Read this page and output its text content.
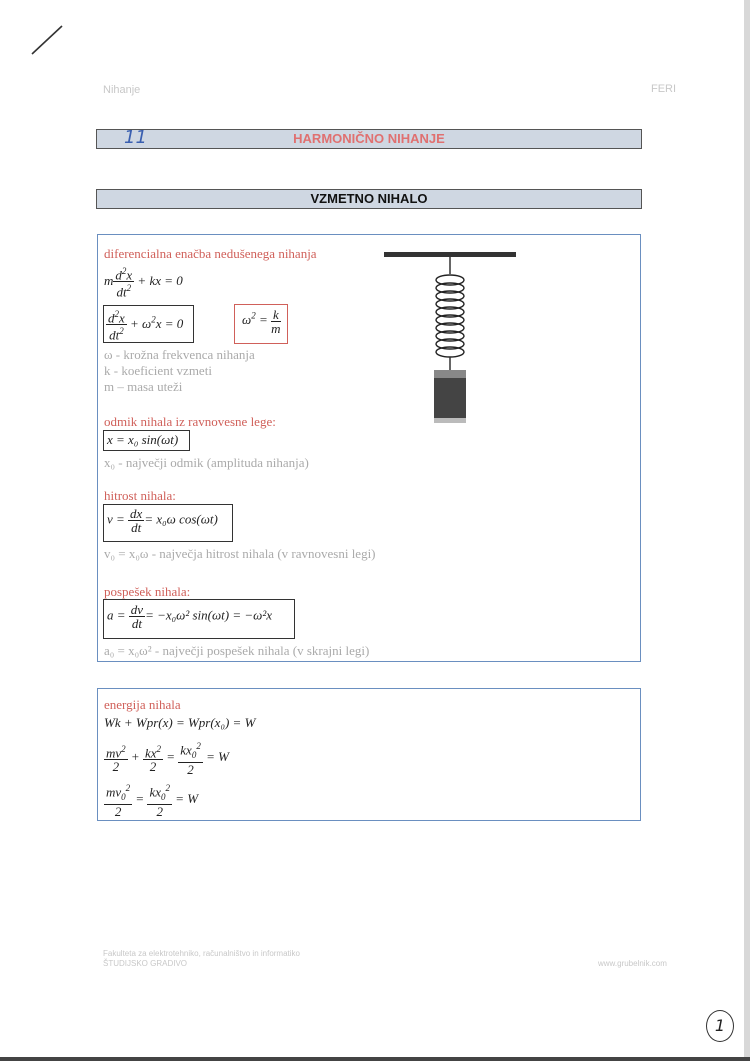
Nihanje	FERI
HARMONIČNO NIHANJE
11
VZMETNO NIHALO
diferencialna enačba nedušenega nihanja
m $\frac{d^2x}{dt^2}$ + kx = 0
$\frac{d^2x}{dt^2} + \omega^2x = 0$	$\omega^2 = \frac{k}{m}$
ω - krožna frekvenca nihanja
k - koeficient vzmeti
m – masa uteži
odmik nihala iz ravnovesne lege:
x = x₀ sin(ωt)
x₀ - največji odmik (amplituda nihanja)
hitrost nihala:
$v = \frac{dx}{dt} = x_0\omega$ cos(ωt)
v₀ = x₀ω - največja hitrost nihala (v ravnovesni legi)
pospešek nihala:
$a = \frac{dv}{dt} = -x_0\omega^2$ sin(ωt) = −ω²x
a₀ = x₀ω² - največji pospešek nihala (v skrajni legi)
energija nihala
Wk + Wpr(x) = Wpr(x₀) = W
$\frac{mv^2}{2} + \frac{kx^2}{2} = \frac{kx_0^2}{2} = W$
$\frac{mv_0^2}{2} = \frac{kx_0^2}{2} = W$
Fakulteta za elektrotehniko, računalništvo in informatiko
ŠTUDIJSKO GRADIVO	www.grubelnik.com
1
